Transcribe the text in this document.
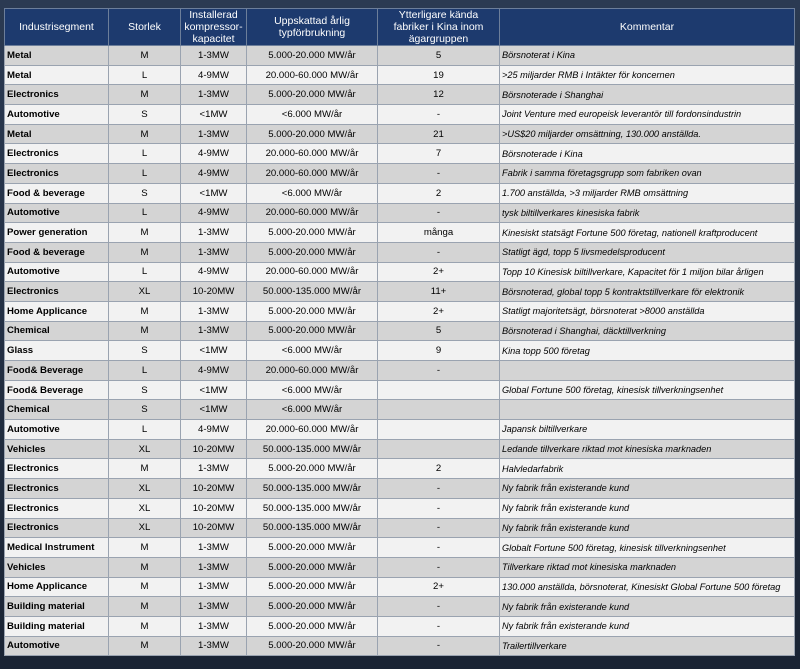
Industrisegment	Storlek	Installerad kompressor-kapacitet	Uppskattad årlig typförbrukning	Ytterligare kända fabriker i Kina inom ägargruppen	Kommentar
Metal	M	1-3MW	5.000-20.000 MW/år	5	Börsnoterat i Kina
Metal	L	4-9MW	20.000-60.000 MW/år	19	>25 miljarder RMB i Intäkter för koncernen
Electronics	M	1-3MW	5.000-20.000 MW/år	12	Börsnoterade i Shanghai
Automotive	S	<1MW	<6.000 MW/år	-	Joint Venture med europeisk leverantör till fordonsindustrin
Metal	M	1-3MW	5.000-20.000 MW/år	21	>US$20 miljarder omsättning, 130.000 anställda.
Electronics	L	4-9MW	20.000-60.000 MW/år	7	Börsnoterade i Kina
Electronics	L	4-9MW	20.000-60.000 MW/år	-	Fabrik i samma företagsgrupp som fabriken ovan
Food & beverage	S	<1MW	<6.000 MW/år	2	1.700 anställda, >3 miljarder RMB omsättning
Automotive	L	4-9MW	20.000-60.000 MW/år	-	tysk biltillverkares kinesiska fabrik
Power generation	M	1-3MW	5.000-20.000 MW/år	många	Kinesiskt statsägt Fortune 500 företag, nationell kraftproducent
Food & beverage	M	1-3MW	5.000-20.000 MW/år	-	Statligt ägd, topp 5 livsmedelsproducent
Automotive	L	4-9MW	20.000-60.000 MW/år	2+	Topp 10 Kinesisk biltillverkare, Kapacitet för 1 miljon bilar årligen
Electronics	XL	10-20MW	50.000-135.000 MW/år	11+	Börsnoterad, global topp 5 kontraktstillverkare för elektronik
Home Applicance	M	1-3MW	5.000-20.000 MW/år	2+	Statligt majoritetsägt, börsnoterat >8000 anställda
Chemical	M	1-3MW	5.000-20.000 MW/år	5	Börsnoterad i Shanghai, däcktillverkning
Glass	S	<1MW	<6.000 MW/år	9	Kina topp 500 företag
Food& Beverage	L	4-9MW	20.000-60.000 MW/år	-	
Food& Beverage	S	<1MW	<6.000 MW/år		Global Fortune 500 företag, kinesisk tillverkningsenhet
Chemical	S	<1MW	<6.000 MW/år		
Automotive	L	4-9MW	20.000-60.000 MW/år		Japansk biltillverkare
Vehicles	XL	10-20MW	50.000-135.000 MW/år		Ledande tillverkare riktad mot kinesiska marknaden
Electronics	M	1-3MW	5.000-20.000 MW/år	2	Halvledarfabrik
Electronics	XL	10-20MW	50.000-135.000 MW/år	-	Ny fabrik från existerande kund
Electronics	XL	10-20MW	50.000-135.000 MW/år	-	Ny fabrik från existerande kund
Electronics	XL	10-20MW	50.000-135.000 MW/år	-	Ny fabrik från existerande kund
Medical Instrument	M	1-3MW	5.000-20.000 MW/år	-	Globalt Fortune 500 företag, kinesisk tillverkningsenhet
Vehicles	M	1-3MW	5.000-20.000 MW/år	-	Tillverkare riktad mot kinesiska marknaden
Home Applicance	M	1-3MW	5.000-20.000 MW/år	2+	130.000 anställda, börsnoterat, Kinesiskt Global Fortune 500 företag
Building material	M	1-3MW	5.000-20.000 MW/år	-	Ny fabrik från existerande kund
Building material	M	1-3MW	5.000-20.000 MW/år	-	Ny fabrik från existerande kund
Automotive	M	1-3MW	5.000-20.000 MW/år	-	Trailertillverkare
